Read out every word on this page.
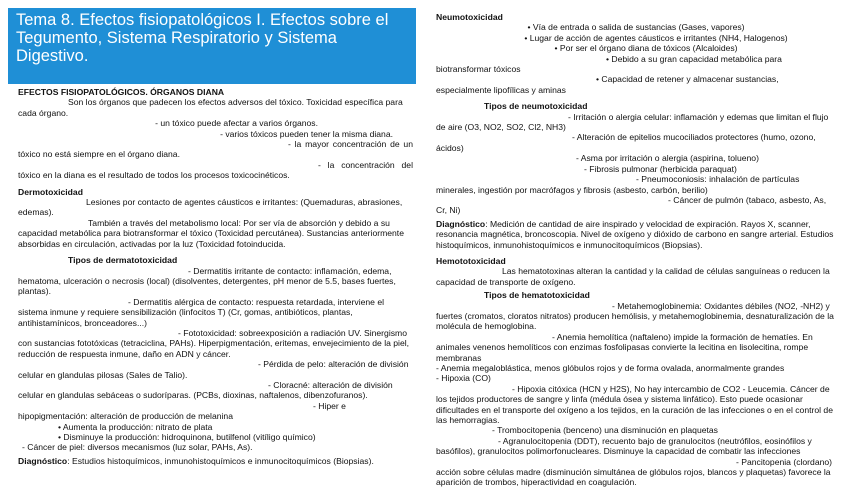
Tema 8. Efectos fisiopatológicos I. Efectos sobre el Tegumento, Sistema Respiratorio y Sistema Digestivo.

EFECTOS FISIOPATOLÓGICOS. ÓRGANOS DIANA

Son los órganos que padecen los efectos adversos del tóxico. Toxicidad específica para cada órgano.

- un tóxico puede afectar a varios órganos.

- varios tóxicos pueden tener la misma diana.

- la mayor concentración de un tóxico no está siempre en el órgano diana.

- la concentración del tóxico en la diana es el resultado de todos los procesos toxicocinéticos.

Dermotoxicidad

Lesiones por contacto de agentes cáusticos e irritantes: (Quemaduras, abrasiones, edemas).

También a través del metabolismo local: Por ser vía de absorción y debido a su capacidad metabólica para biotransformar el tóxico (Toxicidad percutánea). Sustancias anteriormente absorbidas en circulación, activadas por la luz (Toxicidad fotoinducida.

Tipos de dermatotoxicidad

- Dermatitis irritante de contacto: inflamación, edema, hematoma, ulceración o necrosis (local) (disolventes, detergentes, pH menor de 5.5, bases fuertes, plantas).

- Dermatitis alérgica de contacto: respuesta retardada, interviene el sistema inmune y requiere sensibilización (linfocitos T) (Cr, gomas, antibióticos, plantas, antihistamínicos, bronceadores...)

- Fototoxicidad: sobreexposición a radiación UV. Sinergismo con sustancias fototóxicas (tetraciclina, PAHs). Hiperpigmentación, eritemas, envejecimiento de la piel, reducción de respuesta inmune, daño en ADN y cáncer.

- Pérdida de pelo: alteración de división celular en glandulas pilosas (Sales de Talio).

- Cloracné: alteración de división celular en glandulas sebáceas o sudoríparas. (PCBs, dioxinas, naftalenos, dibenzofuranos).

- Hiper e hipopigmentación: alteración de producción de melanina

• Aumenta la producción: nitrato de plata

• Disminuye la producción: hidroquinona, butilfenol (vitíligo químico)

- Cáncer de piel: diversos mecanismos (luz solar, PAHs, As).

Diagnóstico: Estudios histoquímicos, inmunohistoquímicos e inmunocitoquímicos (Biopsias).

Neumotoxicidad

• Vía de entrada o salida de sustancias (Gases, vapores)

• Lugar de acción de agentes cáusticos e irritantes (NH4, Halogenos)

• Por ser el órgano diana de tóxicos (Alcaloides)

• Debido a su gran capacidad metabólica para biotransformar tóxicos

• Capacidad de retener y almacenar sustancias, especialmente lipofílicas y aminas

Tipos de neumotoxicidad

- Irritación o alergia celular: inflamación y edemas que limitan el flujo de aire (O3, NO2, SO2, Cl2, NH3)

- Alteración de epitelios mucociliados protectores (humo, ozono, ácidos)

- Asma por irritación o alergia (aspirina, tolueno)

- Fibrosis pulmonar (herbicida paraquat)

- Pneumoconiosis: inhalación de partículas minerales, ingestión por macrófagos y fibrosis (asbesto, carbón, berilio)

- Cáncer de pulmón (tabaco, asbesto, As, Cr, Ni)

Diagnóstico: Medición de cantidad de aire inspirado y velocidad de expiración. Rayos X, scanner, resonancia magnética, broncoscopia. Nivel de oxígeno y dióxido de carbono en sangre arterial. Estudios histoquímicos, inmunohistoquímicos e inmunocitoquímicos (Biopsias).

Hemototoxicidad

Las hematotoxinas alteran la cantidad y la calidad de células sanguíneas o reducen la capacidad de transporte de oxígeno.

Tipos de hematotoxicidad

- Metahemoglobinemia: Oxidantes débiles (NO2, -NH2) y fuertes (cromatos, cloratos nitratos) producen hemólisis, y metahemoglobinemia, desnaturalización de la molécula de hemoglobina.

- Anemia hemolítica (naftaleno) impide la formación de hematíes. En animales venenos hemolíticos con enzimas fosfolipasas convierte la lecitina en lisolecitina, rompe membranas

- Anemia megaloblástica, menos glóbulos rojos y de forma ovalada, anormalmente grandes

- Hipoxia (CO)

- Hipoxia citóxica (HCN y H2S), No hay intercambio de CO2 - Leucemia. Cáncer de los tejidos productores de sangre y linfa (médula ósea y sistema linfático). Esto puede ocasionar dificultades en el transporte del oxígeno a los tejidos, en la curación de las infecciones o en el control de las hemorragias.

- Trombocitopenia (benceno) una disminución en plaquetas

- Agranulocitopenia (DDT), recuento bajo de granulocitos (neutrófilos, eosinófilos y basófilos), granulocitos polimorfonucleares. Disminuye la capacidad de combatir las infecciones

- Pancitopenia (clordano) acción sobre células madre (disminución simultánea de glóbulos rojos, blancos y plaquetas) favorece la aparición de trombos, hiperactividad en coagulación.
